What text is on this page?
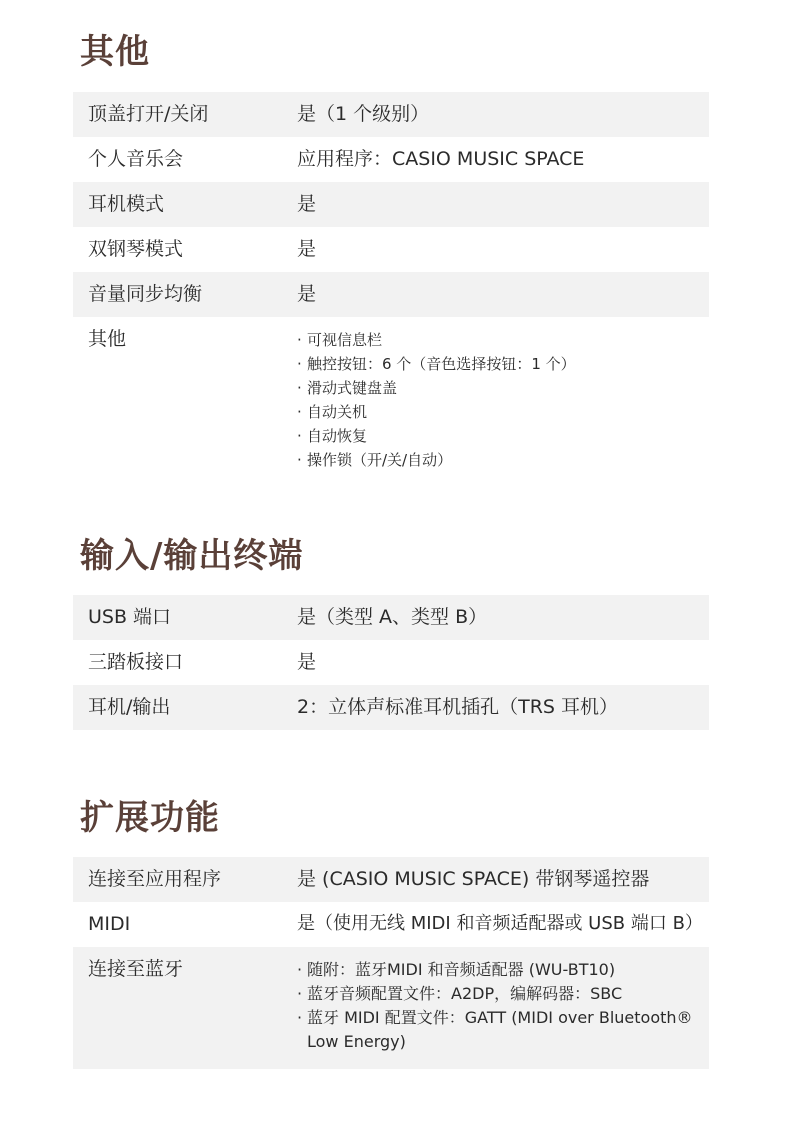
其他
顶盖打开/关闭	是（1 个级别）
个人音乐会	应用程序：CASIO MUSIC SPACE
耳机模式	是
双钢琴模式	是
音量同步均衡	是
其他	· 可视信息栏
· 触控按钮：6 个（音色选择按钮：1 个）
· 滑动式键盘盖
· 自动关机
· 自动恢复
· 操作锁（开/关/自动）
输入/输出终端
USB 端口	是（类型 A、类型 B）
三踏板接口	是
耳机/输出	2：立体声标准耳机插孔（TRS 耳机）
扩展功能
连接至应用程序	是 (CASIO MUSIC SPACE) 带钢琴遥控器
MIDI	是（使用无线 MIDI 和音频适配器或 USB 端口 B）
连接至蓝牙	· 随附：蓝牙MIDI 和音频适配器 (WU-BT10)
· 蓝牙音频配置文件：A2DP，编解码器：SBC
· 蓝牙 MIDI 配置文件：GATT (MIDI over Bluetooth® Low Energy)
